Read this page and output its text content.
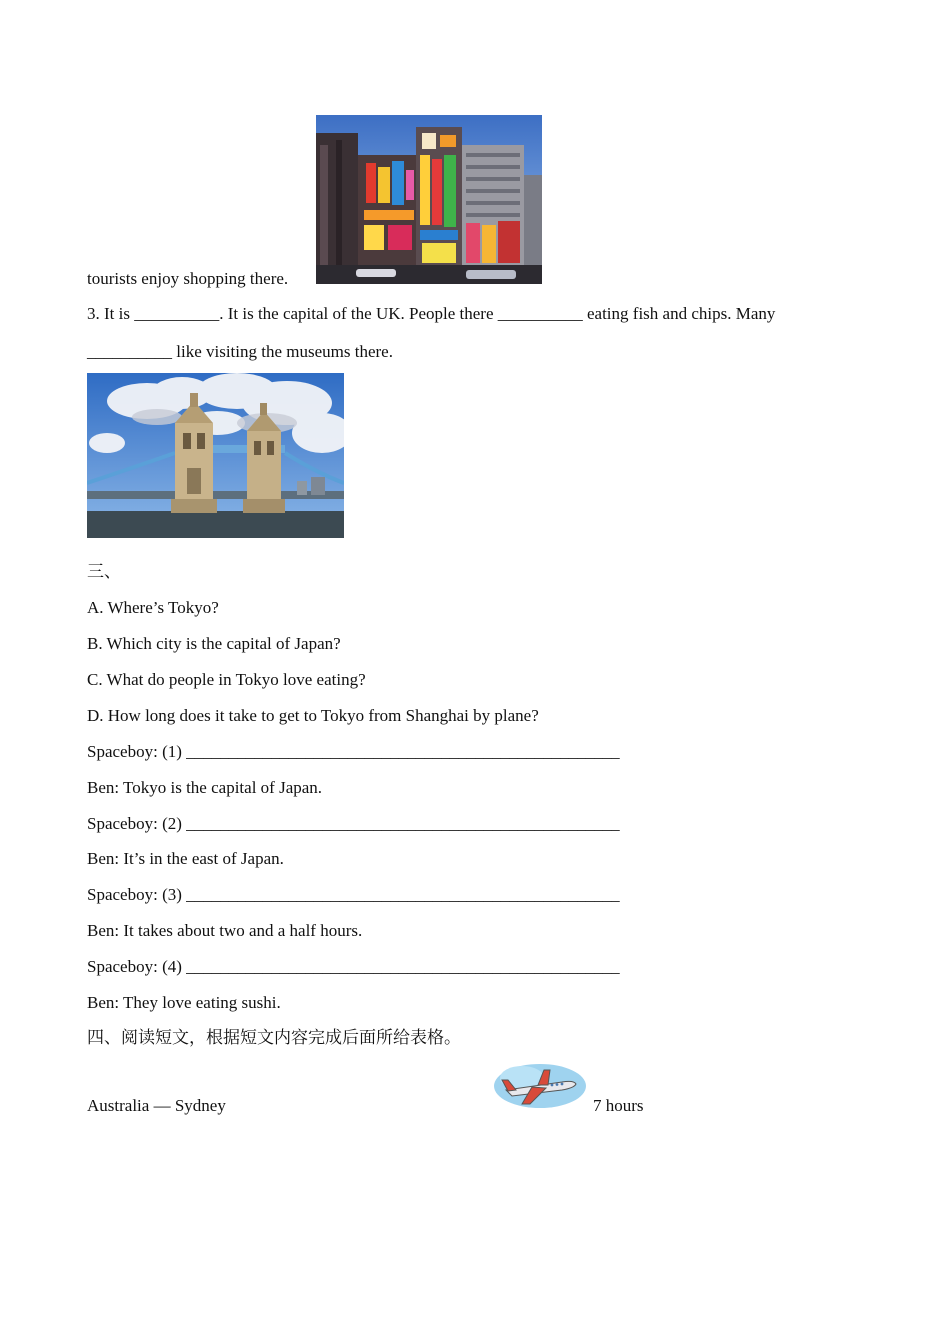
tourists enjoy shopping there.
3. It is __________. It is the capital of the UK. People there __________ eating fish and chips. Many
__________ like visiting the museums there.
三、
A. Where’s Tokyo?
B. Which city is the capital of Japan?
C. What do people in Tokyo love eating?
D. How long does it take to get to Tokyo from Shanghai by plane?
Spaceboy: (1) ___________________________________________________
Ben: Tokyo is the capital of Japan.
Spaceboy: (2) ___________________________________________________
Ben: It’s in the east of Japan.
Spaceboy: (3) ___________________________________________________
Ben: It takes about two and a half hours.
Spaceboy: (4) ___________________________________________________
Ben: They love eating sushi.
四、阅读短文，根据短文内容完成后面所给表格。
Australia — Sydney	7 hours
